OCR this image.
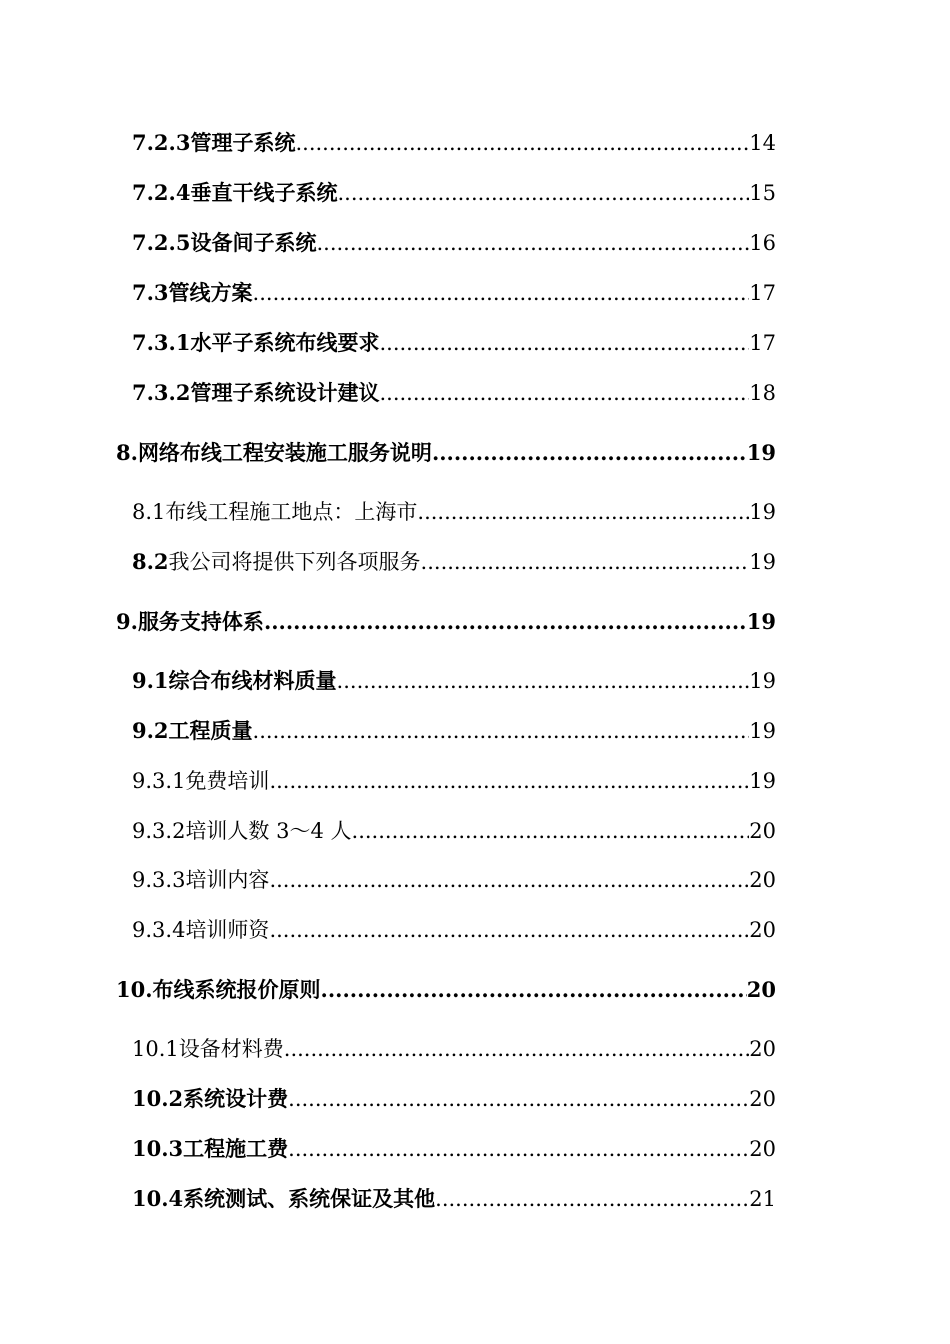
7.2.3 管理子系统 .....	14
7.2.4 垂直干线子系统 .....	15
7.2.5 设备间子系统 .....	16
7.3 管线方案 .....	17
7.3.1 水平子系统布线要求 .....	17
7.3.2 管理子系统设计建议 .....	18
8. 网络布线工程安装施工服务说明 .....	19
8.1 布线工程施工地点：上海市 .....	19
8.2 我公司将提供下列各项服务 .....	19
9. 服务支持体系 .....	19
9.1 综合布线材料质量 .....	19
9.2 工程质量 .....	19
9.3.1 免费培训 .....	19
9.3.2 培训人数 3～4 人 .....	20
9.3.3 培训内容 .....	20
9.3.4 培训师资 .....	20
10. 布线系统报价原则 .....	20
10.1 设备材料费 .....	20
10.2 系统设计费 .....	20
10.3 工程施工费 .....	20
10.4 系统测试、系统保证及其他 .....	21
